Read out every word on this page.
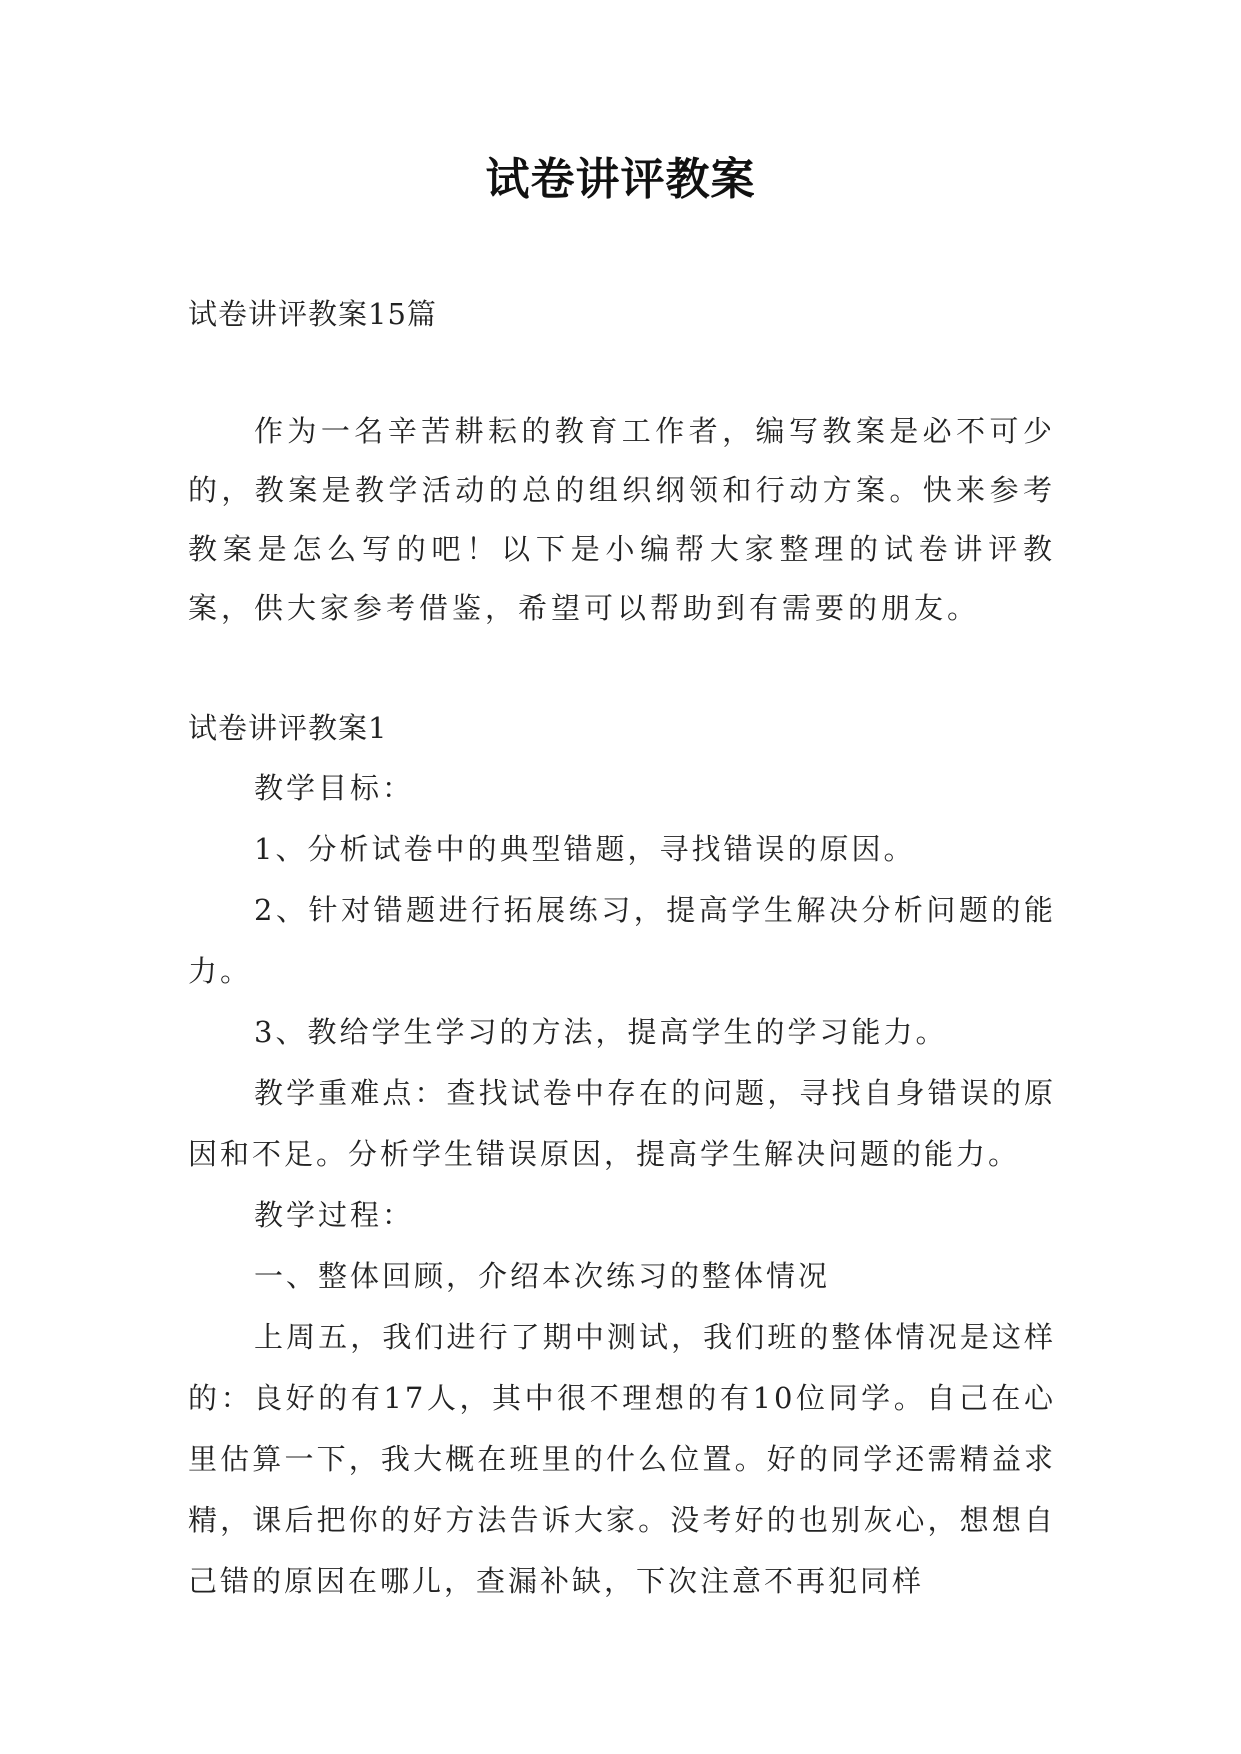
试卷讲评教案

试卷讲评教案15篇

作为一名辛苦耕耘的教育工作者，编写教案是必不可少的，教案是教学活动的总的组织纲领和行动方案。快来参考教案是怎么写的吧！以下是小编帮大家整理的试卷讲评教案，供大家参考借鉴，希望可以帮助到有需要的朋友。

试卷讲评教案1

教学目标：

1、分析试卷中的典型错题，寻找错误的原因。

2、针对错题进行拓展练习，提高学生解决分析问题的能力。

3、教给学生学习的方法，提高学生的学习能力。

教学重难点：查找试卷中存在的问题，寻找自身错误的原因和不足。分析学生错误原因，提高学生解决问题的能力。

教学过程：

一、整体回顾，介绍本次练习的整体情况

上周五，我们进行了期中测试，我们班的整体情况是这样的：良好的有17人，其中很不理想的有10位同学。自己在心里估算一下，我大概在班里的什么位置。好的同学还需精益求精，课后把你的好方法告诉大家。没考好的也别灰心，想想自己错的原因在哪儿，查漏补缺，下次注意不再犯同样
